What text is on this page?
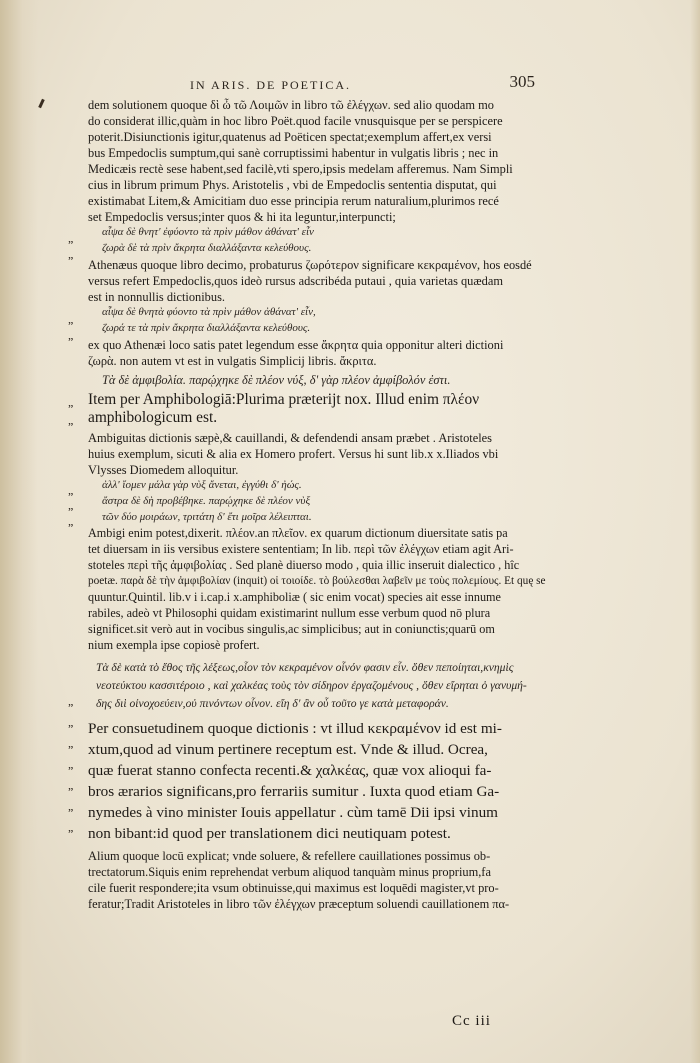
IN ARIS. DE POETICA.	305
„
„
„
„
„
„
„
„
„
„
„
„
„
„
„
„
dem solutionem quoque δὶ ὦ τῶ Λοιμῶν in libro τῶ ἐλέγχων. sed alio quodam mo
do considerat illic,quàm in hoc libro Poët.quod facile vnusquisque per se perspicere
poterit.Disiunctionis igitur,quatenus ad Poëticen spectat;exemplum affert,ex versi
bus Empedoclis sumptum,qui sanè corruptissimi habentur in vulgatis libris ; nec in
Medicæis rectè sese habent,sed facilè,vti spero,ipsis medelam afferemus. Nam Simpli
cius in librum primum Phys. Aristotelis , vbi de Empedoclis sententia disputat, qui
existimabat Litem,& Amicitiam duo esse principia rerum naturalium,plurimos recé
set Empedoclis versus;inter quos & hi ita leguntur,interpuncti;
αἶψα δὲ θνητ' ἐφύοντο τὰ πρὶν μάθον ἀθάνατ' εἶν
ζωρὰ δὲ τὰ πρὶν ἄκρητα διαλλάξαντα κελεύθους.
Athenæus quoque libro decimo, probaturus ζωρότερον significare κεκραμένον, hos eosdé
versus refert Empedoclis,quos ideò rursus adscribéda putaui , quia varietas quædam
est in nonnullis dictionibus.
αἶψα δὲ θνητὰ φύοντο τὰ πρὶν μάθον ἀθάνατ' εἶν,
ζωρά τε τὰ πρὶν ἄκρητα διαλλάξαντα κελεύθους.
ex quo Athenæi loco satis patet legendum esse ἄκρητα quia opponitur alteri dictioni
ζωρὰ. non autem vt est in vulgatis Simplicij libris. ἄκριτα.
Τὰ δὲ ἀμφιβολία. παρῴχηκε δὲ πλέον νύξ, δ' γὰρ πλέον ἀμφίβολόν ἐστι.
Item per Amphibologiā:Plurima præterijt nox. Illud enim πλέον
amphibologicum est.
Ambiguitas dictionis sæpè,& cauillandi, & defendendi ansam præbet . Aristoteles
huius exemplum, sicuti & alia ex Homero profert. Versus hi sunt lib.x x.Iliados vbi
Vlysses Diomedem alloquitur.
ἀλλ' ἴομεν μάλα γὰρ νὺξ ἄνεται, ἐγγύθι δ' ἠώς.
ἄστρα δὲ δὴ προβέβηκε. παρῴχηκε δὲ πλέον νὺξ
τῶν δύο μοιράων, τριτάτη δ' ἔτι μοῖρα λέλειπται.
Ambigi enim potest,dixerit. πλέον.an πλεῖον. ex quarum dictionum diuersitate satis pa
tet diuersam in iis versibus existere sententiam; In lib. περὶ τῶν ἐλέγχων etiam agit Ari-
stoteles περὶ τῆς ἀμφιβολίας . Sed planè diuerso modo , quia illic inseruit dialectico , hîc
poetæ. παρὰ δὲ τὴν ἀμφιβολίαν (inquit) οἱ τοιοίδε. τὸ βούλεσθαι λαβεῖν με τοὺς πολεμίους. Et quę se
quuntur.Quintil. lib.v i i.cap.i x.amphiboliæ ( sic enim vocat) species ait esse innume
rabiles, adeò vt Philosophi quidam existimarint nullum esse verbum quod nō plura
significet.sit verò aut in vocibus singulis,ac simplicibus; aut in coniunctis;quarū om
nium exempla ipse copiosè profert.
Τὰ δὲ κατὰ τὸ ἔθος τῆς λέξεως,οἷον τὸν κεκραμένον οἶνόν φασιν εἶν. ὅθεν πεποίηται,κνημὶς
νεοτεύκτου κασσιτέροιο , καὶ χαλκέας τοὺς τὸν σίδηρον ἐργαζομένους , ὅθεν εἴρηται ὁ γανυμή-
δης διὶ οἰνοχοεύειν,οὐ πινόντων οἶνον. εἴη δ' ἂν οὗ τοῦτο γε κατὰ μεταφοράν.
Per consuetudinem quoque dictionis : vt illud κεκραμένον id est mi-
xtum,quod ad vinum pertinere receptum est. Vnde & illud. Ocrea,
quæ fuerat stanno confecta recenti.& χαλκέας, quæ vox alioqui fa-
bros ærarios significans,pro ferrariis sumitur . Iuxta quod etiam Ga-
nymedes à vino minister Iouis appellatur . cùm tamē Dii ipsi vinum
non bibant:id quod per translationem dici neutiquam potest.
Alium quoque locū explicat; vnde soluere, & refellere cauillationes possimus ob-
trectatorum.Siquis enim reprehendat verbum aliquod tanquàm minus proprium,fa
cile fuerit respondere;ita vsum obtinuisse,qui maximus est loquēdi magister,vt pro-
feratur;Tradit Aristoteles in libro τῶν ἐλέγχων præceptum soluendi cauillationem πα-
Cc iii
